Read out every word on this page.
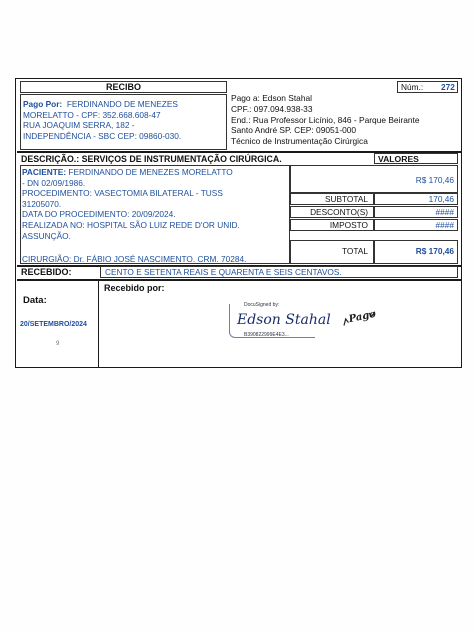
RECIBO	Núm.: 272
Pago Por: FERDINANDO DE MENEZES
MORELATTO - CPF: 352.668.608-47
RUA JOAQUIM SERRA, 182 -
INDEPENDÊNCIA - SBC CEP: 09860-030.
Pago a: Edson Stahal
CPF.: 097.094.938-33
End.: Rua Professor Licínio, 846 - Parque Beirante
Santo André SP. CEP: 09051-000
Técnico de Instrumentação Cirúrgica
DESCRIÇÃO.: SERVIÇOS DE INSTRUMENTAÇÃO CIRÚRGICA.	VALORES
PACIENTE: FERDINANDO DE MENEZES MORELATTO
- DN 02/09/1986.
PROCEDIMENTO: VASECTOMIA BILATERAL - TUSS
31205070.
DATA DO PROCEDIMENTO: 20/09/2024.
REALIZADA NO: HOSPITAL SÃO LUIZ REDE D'OR UNID.
ASSUNÇÃO.
CIRURGIÃO: Dr. FÁBIO JOSÉ NASCIMENTO. CRM. 70284.
R$ 170,46
SUBTOTAL	170,46
DESCONTO(S)	####
IMPOSTO	####
TOTAL	R$ 170,46
RECEBIDO:	CENTO E SETENTA REAIS E QUARENTA E SEIS CENTAVOS.
Data:
20/SETEMBRO/2024
9
Recebido por:
DocuSigned by:
Edson Stahal
B390822999E4E3...
Pago
